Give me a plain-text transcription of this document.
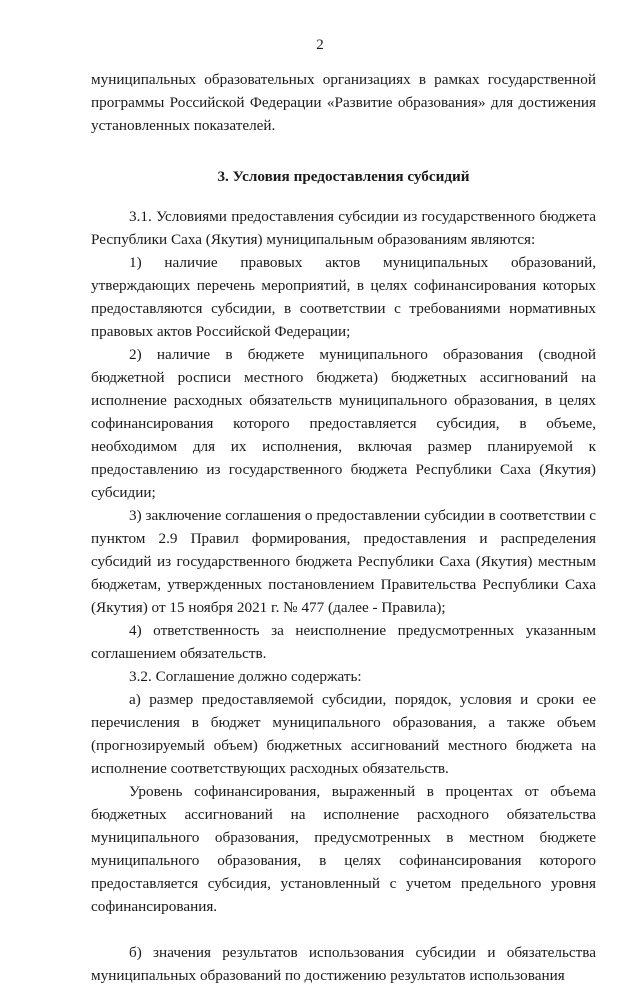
2

муниципальных образовательных организациях в рамках государственной программы Российской Федерации «Развитие образования» для достижения установленных показателей.

3. Условия предоставления субсидий

3.1. Условиями предоставления субсидии из государственного бюджета Республики Саха (Якутия) муниципальным образованиям являются:

1) наличие правовых актов муниципальных образований, утверждающих перечень мероприятий, в целях софинансирования которых предоставляются субсидии, в соответствии с требованиями нормативных правовых актов Российской Федерации;

2) наличие в бюджете муниципального образования (сводной бюджетной росписи местного бюджета) бюджетных ассигнований на исполнение расходных обязательств муниципального образования, в целях софинансирования которого предоставляется субсидия, в объеме, необходимом для их исполнения, включая размер планируемой к предоставлению из государственного бюджета Республики Саха (Якутия) субсидии;

3) заключение соглашения о предоставлении субсидии в соответствии с пунктом 2.9 Правил формирования, предоставления и распределения субсидий из государственного бюджета Республики Саха (Якутия) местным бюджетам, утвержденных постановлением Правительства Республики Саха (Якутия) от 15 ноября 2021 г. № 477 (далее - Правила);

4) ответственность за неисполнение предусмотренных указанным соглашением обязательств.

3.2. Соглашение должно содержать:

а) размер предоставляемой субсидии, порядок, условия и сроки ее перечисления в бюджет муниципального образования, а также объем (прогнозируемый объем) бюджетных ассигнований местного бюджета на исполнение соответствующих расходных обязательств.

Уровень софинансирования, выраженный в процентах от объема бюджетных ассигнований на исполнение расходного обязательства муниципального образования, предусмотренных в местном бюджете муниципального образования, в целях софинансирования которого предоставляется субсидия, установленный с учетом предельного уровня софинансирования.

б) значения результатов использования субсидии и обязательства муниципальных образований по достижению результатов использования
